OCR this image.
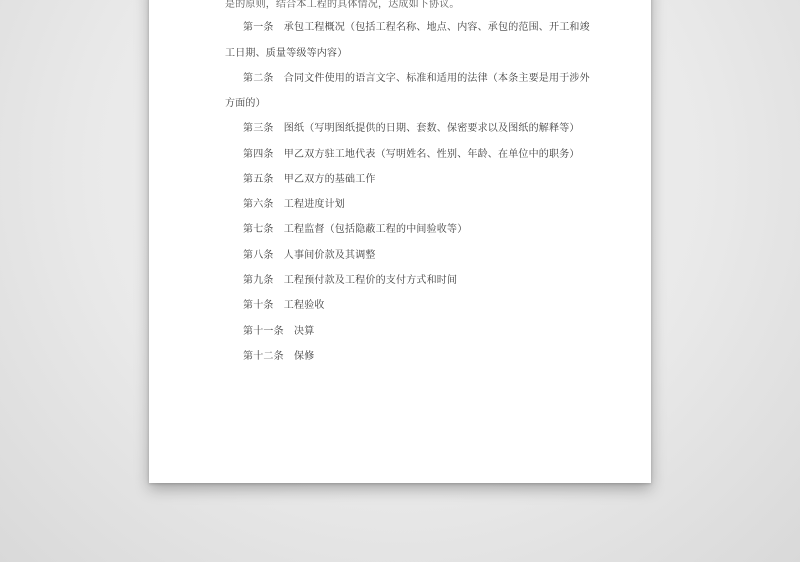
是的原则，结合本工程的具体情况，达成如下协议。
第一条　承包工程概况（包括工程名称、地点、内容、承包的范围、开工和竣
工日期、质量等级等内容）
第二条　合同文件使用的语言文字、标准和适用的法律（本条主要是用于涉外
方面的）
第三条　图纸（写明图纸提供的日期、套数、保密要求以及图纸的解释等）
第四条　甲乙双方驻工地代表（写明姓名、性别、年龄、在单位中的职务）
第五条　甲乙双方的基础工作
第六条　工程进度计划
第七条　工程监督（包括隐蔽工程的中间验收等）
第八条　人事间价款及其调整
第九条　工程预付款及工程价的支付方式和时间
第十条　工程验收
第十一条　决算
第十二条　保修
